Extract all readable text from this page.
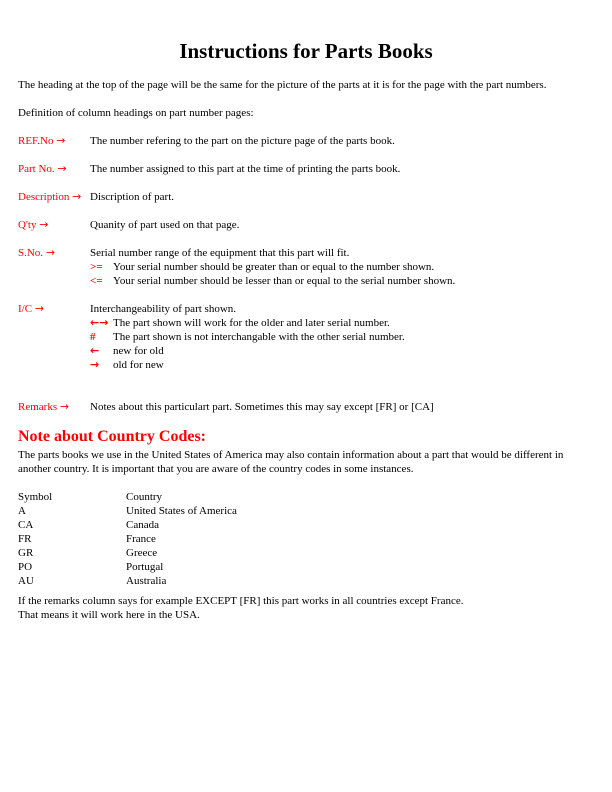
Instructions for Parts Books

The heading at the top of the page will be the same for the picture of the parts at it is for the page with the part numbers.

Definition of column headings on part number pages:

REF.No →	The number refering to the part on the picture page of the parts book.
Part No. →	The number assigned to this part at the time of printing the parts book.
Description → Discription of part.
Q'ty →	Quanity of part used on that page.
S.No. →	Serial number range of the equipment that this part will fit.
>= Your serial number should be greater than or equal to the number shown.
<= Your serial number should be lesser than or equal to the serial number shown.
I/C →	Interchangeability of part shown.
←→ The part shown will work for the older and later serial number.
#	The part shown is not interchangable with the other serial number.
←	new for old
→	old for new
Remarks →	Notes about this particulart part. Sometimes this may say except [FR] or [CA]
Note about Country Codes:

The parts books we use in the United States of America may also contain information about a part that would be different in another country. It is important that you are aware of the country codes in some instances.

Symbol	Country
A	United States of America
CA	Canada
FR	France
GR	Greece
PO	Portugal
AU	Australia

If the remarks column says for example EXCEPT [FR] this part works in all countries except France.
That means it will work here in the USA.
